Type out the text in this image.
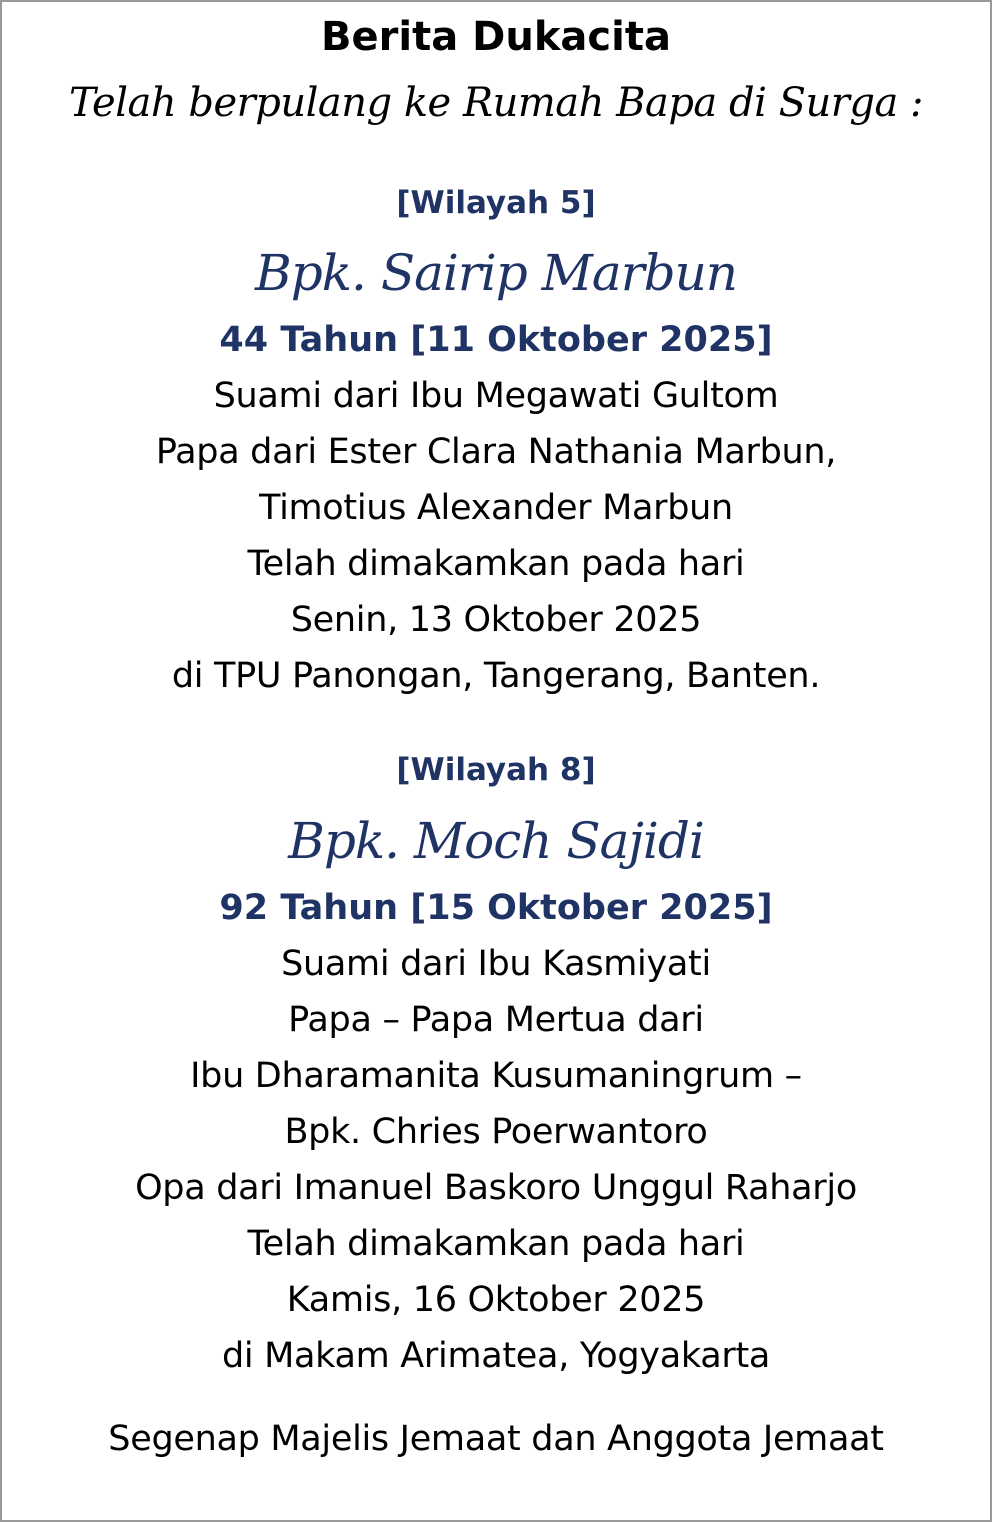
Berita Dukacita
Telah berpulang ke Rumah Bapa di Surga :
[Wilayah 5]
Bpk. Sairip Marbun
44 Tahun [11 Oktober 2025]
Suami dari Ibu Megawati Gultom
Papa dari Ester Clara Nathania Marbun,
Timotius Alexander Marbun
Telah dimakamkan pada hari
Senin, 13 Oktober 2025
di TPU Panongan, Tangerang, Banten.
[Wilayah 8]
Bpk. Moch Sajidi
92 Tahun [15 Oktober 2025]
Suami dari Ibu Kasmiyati
Papa – Papa Mertua dari
Ibu Dharamanita Kusumaningrum –
Bpk. Chries Poerwantoro
Opa dari Imanuel Baskoro Unggul Raharjo
Telah dimakamkan pada hari
Kamis, 16 Oktober 2025
di Makam Arimatea, Yogyakarta
Segenap Majelis Jemaat dan Anggota Jemaat
